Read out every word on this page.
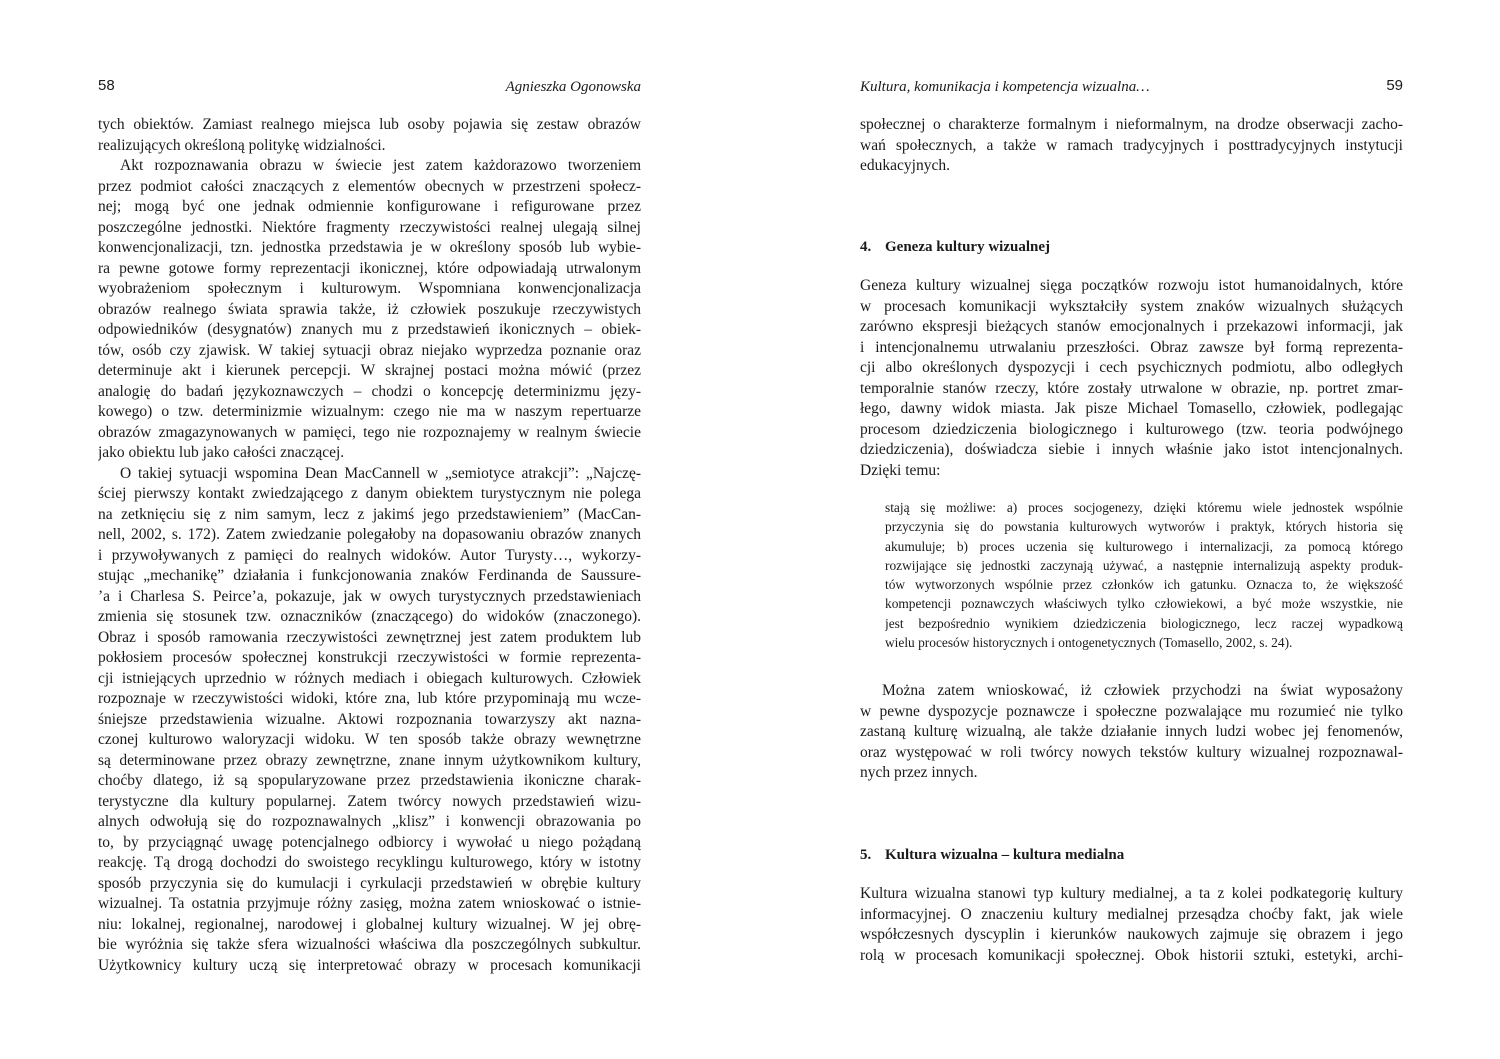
58	Agnieszka Ogonowska
tych obiektów. Zamiast realnego miejsca lub osoby pojawia się zestaw obrazów
realizujących określoną politykę widzialności.
Akt rozpoznawania obrazu w świecie jest zatem każdorazowo tworzeniem
przez podmiot całości znaczących z elementów obecnych w przestrzeni społecz-
nej; mogą być one jednak odmiennie konfigurowane i refigurowane przez
poszczególne jednostki. Niektóre fragmenty rzeczywistości realnej ulegają silnej
konwencjonalizacji, tzn. jednostka przedstawia je w określony sposób lub wybie-
ra pewne gotowe formy reprezentacji ikonicznej, które odpowiadają utrwalonym
wyobrażeniom społecznym i kulturowym. Wspomniana konwencjonalizacja
obrazów realnego świata sprawia także, iż człowiek poszukuje rzeczywistych
odpowiedników (desygnatów) znanych mu z przedstawień ikonicznych – obiek-
tów, osób czy zjawisk. W takiej sytuacji obraz niejako wyprzedza poznanie oraz
determinuje akt i kierunek percepcji. W skrajnej postaci można mówić (przez
analogię do badań językoznawczych – chodzi o koncepcję determinizmu języ-
kowego) o tzw. determinizmie wizualnym: czego nie ma w naszym repertuarze
obrazów zmagazynowanych w pamięci, tego nie rozpoznajemy w realnym świecie
jako obiektu lub jako całości znaczącej.
O takiej sytuacji wspomina Dean MacCannell w „semiotyce atrakcji”: „Najczę-
ściej pierwszy kontakt zwiedzającego z danym obiektem turystycznym nie polega
na zetknięciu się z nim samym, lecz z jakimś jego przedstawieniem” (MacCan-
nell, 2002, s. 172). Zatem zwiedzanie polegałoby na dopasowaniu obrazów znanych
i przywoływanych z pamięci do realnych widoków. Autor Turysty…, wykorzy-
stując „mechanikę” działania i funkcjonowania znaków Ferdinanda de Saussure-
’a i Charlesa S. Peirce’a, pokazuje, jak w owych turystycznych przedstawieniach
zmienia się stosunek tzw. oznaczników (znaczącego) do widoków (znaczonego).
Obraz i sposób ramowania rzeczywistości zewnętrznej jest zatem produktem lub
pokłosiem procesów społecznej konstrukcji rzeczywistości w formie reprezenta-
cji istniejących uprzednio w różnych mediach i obiegach kulturowych. Człowiek
rozpoznaje w rzeczywistości widoki, które zna, lub które przypominają mu wcze-
śniejsze przedstawienia wizualne. Aktowi rozpoznania towarzyszy akt nazna-
czonej kulturowo waloryzacji widoku. W ten sposób także obrazy wewnętrzne
są determinowane przez obrazy zewnętrzne, znane innym użytkownikom kultury,
choćby dlatego, iż są spopularyzowane przez przedstawienia ikoniczne charak-
terystyczne dla kultury popularnej. Zatem twórcy nowych przedstawień wizu-
alnych odwołują się do rozpoznawalnych „klisz” i konwencji obrazowania po
to, by przyciągnąć uwagę potencjalnego odbiorcy i wywołać u niego pożądaną
reakcję. Tą drogą dochodzi do swoistego recyklingu kulturowego, który w istotny
sposób przyczynia się do kumulacji i cyrkulacji przedstawień w obrębie kultury
wizualnej. Ta ostatnia przyjmuje różny zasięg, można zatem wnioskować o istnie-
niu: lokalnej, regionalnej, narodowej i globalnej kultury wizualnej. W jej obrę-
bie wyróżnia się także sfera wizualności właściwa dla poszczególnych subkultur.
Użytkownicy kultury uczą się interpretować obrazy w procesach komunikacji
Kultura, komunikacja i kompetencja wizualna…	59
społecznej o charakterze formalnym i nieformalnym, na drodze obserwacji zacho-
wań społecznych, a także w ramach tradycyjnych i posttradycyjnych instytucji
edukacyjnych.
4. Geneza kultury wizualnej
Geneza kultury wizualnej sięga początków rozwoju istot humanoidalnych, które
w procesach komunikacji wykształciły system znaków wizualnych służących
zarówno ekspresji bieżących stanów emocjonalnych i przekazowi informacji, jak
i intencjonalnemu utrwalaniu przeszłości. Obraz zawsze był formą reprezenta-
cji albo określonych dyspozycji i cech psychicznych podmiotu, albo odległych
temporalnie stanów rzeczy, które zostały utrwalone w obrazie, np. portret zmar-
łego, dawny widok miasta. Jak pisze Michael Tomasello, człowiek, podlegając
procesom dziedziczenia biologicznego i kulturowego (tzw. teoria podwójnego
dziedziczenia), doświadcza siebie i innych właśnie jako istot intencjonalnych.
Dzięki temu:
stają się możliwe: a) proces socjogenezy, dzięki któremu wiele jednostek wspólnie
przyczynia się do powstania kulturowych wytworów i praktyk, których historia się
akumuluje; b) proces uczenia się kulturowego i internalizacji, za pomocą którego
rozwijające się jednostki zaczynają używać, a następnie internalizują aspekty produk-
tów wytworzonych wspólnie przez członków ich gatunku. Oznacza to, że większość
kompetencji poznawczych właściwych tylko człowiekowi, a być może wszystkie, nie
jest bezpośrednio wynikiem dziedziczenia biologicznego, lecz raczej wypadkową
wielu procesów historycznych i ontogenetycznych (Tomasello, 2002, s. 24).
Można zatem wnioskować, iż człowiek przychodzi na świat wyposażony
w pewne dyspozycje poznawcze i społeczne pozwalające mu rozumieć nie tylko
zastaną kulturę wizualną, ale także działanie innych ludzi wobec jej fenomenów,
oraz występować w roli twórcy nowych tekstów kultury wizualnej rozpoznawal-
nych przez innych.
5. Kultura wizualna – kultura medialna
Kultura wizualna stanowi typ kultury medialnej, a ta z kolei podkategorię kultury
informacyjnej. O znaczeniu kultury medialnej przesądza choćby fakt, jak wiele
współczesnych dyscyplin i kierunków naukowych zajmuje się obrazem i jego
rolą w procesach komunikacji społecznej. Obok historii sztuki, estetyki, archi-
